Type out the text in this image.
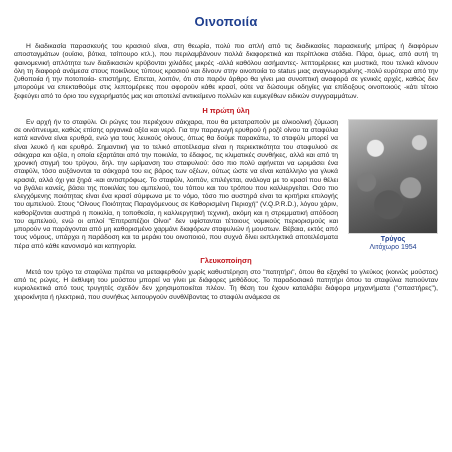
Οινοποιία

Η διαδικασία παρασκευής του κρασιού είναι, στη θεωρία, πολύ πιο απλή από τις διαδικασίες παρασκευής μπίρας ή διαφόρων αποσταγμάτων (ουίσκι, βότκα, τσίπουρο κτλ.), που περιλαμβάνουν πολλά διαφορετικά και περίπλοκα στάδια. Πάρα, όμως, από αυτή τη φαινομενική απλότητα των διαδικασιών κρύβονται χιλιάδες μικρές -αλλά καθόλου ασήμαντες- λεπτομέρειες και μυστικά, που τελικά κάνουν όλη τη διαφορά ανάμεσα στους ποικίλους τύπους κρασιού και δίνουν στην οινοποιία το status μιας αναγνωρισμένης -πολύ ευρύτερα από την ζυθοποιία ή την ποτοποιία- επιστήμης. Επεται, λοιπόν, ότι στο παρόν άρθρο θα γίνει μια συνοπτική αναφορά σε γενικές αρχές, καθώς δεν μπορούμε να επεκταθούμε στις λεπτομέρειες που αφορούν κάθε κρασί, ούτε να δώσουμε οδηγίες για επίδοξους οινοποιούς -κάτι τέτοιο ξεφεύγει από το όριο του εγχειρήματός μας και αποτελεί αντικείμενο πολλών και ευμεγέθων ειδικών συγγραμμάτων.

Η πρώτη ύλη
Τρύγος
Λιτόχωρο 1954

Εν αρχή ήν το σταφύλι. Οι ρώγες του περιέχουν σάκχαρα, που θα μετατραπούν με αλκοολική ζύμωση σε οινόπνευμα, καθώς επίσης οργανικά οξέα και νερό. Για την παραγωγή ερυθρού ή ροζέ οίνου τα σταφύλια κατά κανόνα είναι ερυθρά, ενώ για τους λευκούς οίνους, όπως θα δούμε παρακάτω, το σταφύλι μπορεί να είναι λευκό ή και ερυθρό. Σημαντική για το τελικό αποτέλεσμα είναι η περιεκτικότητα του σταφυλιού σε σάκχαρα και οξέα, η οποία εξαρτάται από την ποικιλία, το έδαφος, τις κλιματικές συνθήκες, αλλά και από τη χρονική στιγμή του τρύγου, δηλ. την ωρίμανση του σταφυλιού: όσο πιο πολύ αφήνεται να ωριμάσει ένα σταφύλι, τόσο αυξάνονται τα σάκχαρά του εις βάρος των οξέων, ούτως ώστε να είναι κατάλληλο για γλυκά κρασιά, αλλά όχι για ξηρά -και αντιστρόφως. Το σταφύλι, λοιπόν, επιλέγεται, ανάλογα με το κρασί που θέλει να βγάλει κανείς, βάσει της ποικιλίας του αμπελιού, του τόπου και του τρόπου που καλλιεργείται. Οσο πιο ελεγχόμενης ποιότητας είναι ένα κρασί σύμφωνα με το νόμο, τόσο πιο αυστηρά είναι τα κριτήρια επιλογής του αμπελιού. Στους "Οίνους Ποιότητας Παραγόμενους σε Καθορισμένη Περιοχή" (V.Q.P.R.D.), λόγου χάριν, καθορίζονται αυστηρά η ποικιλία, η τοποθεσία, η καλλιεργητική τεχνική, ακόμη και η στρεμματική απόδοση του αμπελιού, ενώ οι απλοί "Επιτραπέζιοι Οίνοι" δεν υφίστανται τέτοιους νομικούς περιορισμούς και μπορούν να παράγονται από μη καθορισμένο χαρμάνι διαφόρων σταφυλιών ή μουστων. Βέβαια, εκτός από τους νόμους, υπάρχει η παράδοση και τα μεράκι του οινοποιού, που συχνά δίνει εκπληκτικά αποτελέσματα πέρα από κάθε κανονισμό και κατηγορία.

Γλευκοποίηση

Μετά τον τρύγο τα σταφύλια πρέπει να μεταφερθούν χωρίς καθυστέρηση στο "πατητήρι", όπου θα εξαχθεί το γλεύκος (κοινώς μούστος) από τις ρώγες. Η έκθλιψη του μούστου μπορεί να γίνει με διάφορες μεθόδους. Το παραδοσιακό πατητήρι όπου τα σταφύλια πατιούνταν κυριολεκτικά από τους τρυγητές σχεδόν δεν χρησιμοποιείται πλέον. Τη θέση του έχουν καταλάβει διάφορα μηχανήματα ("σπαστήρες"), χειροκίνητα ή ηλεκτρικά, που συνήθως λειτουργούν συνθλίβοντας το σταφύλι ανάμεσα σε
